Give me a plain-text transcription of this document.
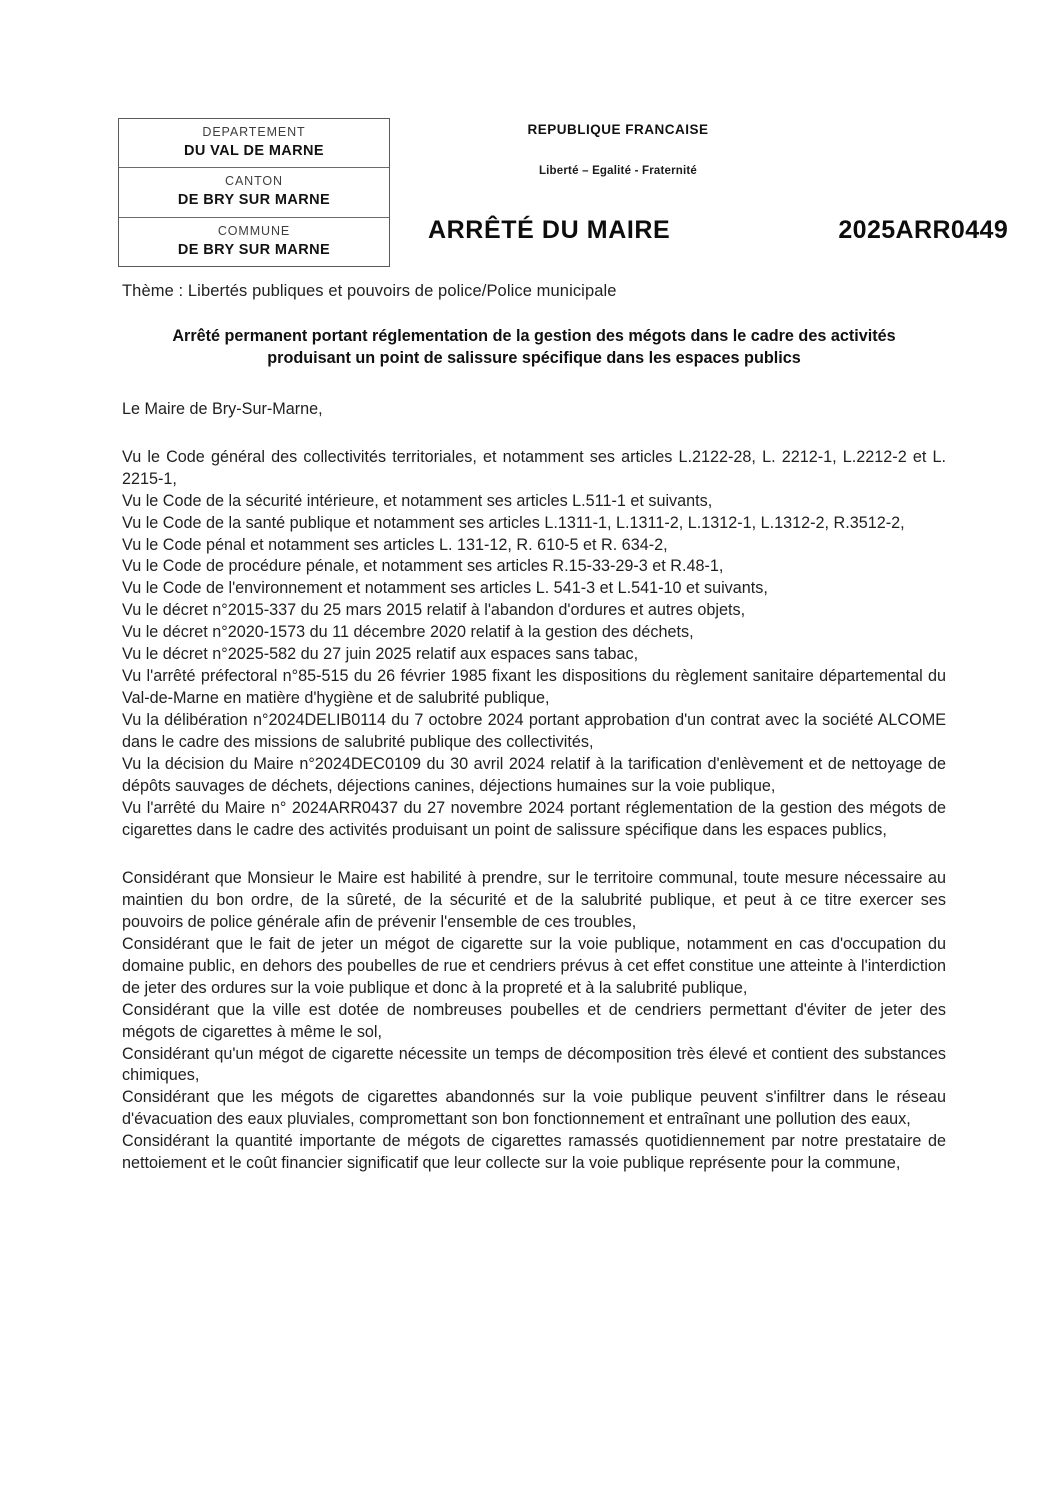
DEPARTEMENT
DU VAL DE MARNE
CANTON
DE BRY SUR MARNE
COMMUNE
DE BRY SUR MARNE
REPUBLIQUE FRANCAISE
Liberté – Egalité - Fraternité
ARRÊTÉ DU MAIRE	2025ARR0449
Thème : Libertés publiques et pouvoirs de police/Police municipale
Arrêté permanent portant réglementation de la gestion des mégots dans le cadre des activités produisant un point de salissure spécifique dans les espaces publics
Le Maire de Bry-Sur-Marne,

Vu le Code général des collectivités territoriales, et notamment ses articles L.2122-28, L. 2212-1, L.2212-2 et L. 2215-1,

Vu le Code de la sécurité intérieure, et notamment ses articles L.511-1 et suivants,

Vu le Code de la santé publique et notamment ses articles L.1311-1, L.1311-2, L.1312-1, L.1312-2, R.3512-2,

Vu le Code pénal et notamment ses articles L. 131-12, R. 610-5 et R. 634-2,

Vu le Code de procédure pénale, et notamment ses articles R.15-33-29-3 et R.48-1,

Vu le Code de l'environnement et notamment ses articles L. 541-3 et L.541-10 et suivants,

Vu le décret n°2015-337 du 25 mars 2015 relatif à l'abandon d'ordures et autres objets,

Vu le décret n°2020-1573 du 11 décembre 2020 relatif à la gestion des déchets,

Vu le décret n°2025-582 du 27 juin 2025 relatif aux espaces sans tabac,

Vu l'arrêté préfectoral n°85-515 du 26 février 1985 fixant les dispositions du règlement sanitaire départemental du Val-de-Marne en matière d'hygiène et de salubrité publique,

Vu la délibération n°2024DELIB0114 du 7 octobre 2024 portant approbation d'un contrat avec la société ALCOME dans le cadre des missions de salubrité publique des collectivités,

Vu la décision du Maire n°2024DEC0109 du 30 avril 2024 relatif à la tarification d'enlèvement et de nettoyage de dépôts sauvages de déchets, déjections canines, déjections humaines sur la voie publique,

Vu l'arrêté du Maire n° 2024ARR0437 du 27 novembre 2024 portant réglementation de la gestion des mégots de cigarettes dans le cadre des activités produisant un point de salissure spécifique dans les espaces publics,

Considérant que Monsieur le Maire est habilité à prendre, sur le territoire communal, toute mesure nécessaire au maintien du bon ordre, de la sûreté, de la sécurité et de la salubrité publique, et peut à ce titre exercer ses pouvoirs de police générale afin de prévenir l'ensemble de ces troubles,

Considérant que le fait de jeter un mégot de cigarette sur la voie publique, notamment en cas d'occupation du domaine public, en dehors des poubelles de rue et cendriers prévus à cet effet constitue une atteinte à l'interdiction de jeter des ordures sur la voie publique et donc à la propreté et à la salubrité publique,

Considérant que la ville est dotée de nombreuses poubelles et de cendriers permettant d'éviter de jeter des mégots de cigarettes à même le sol,

Considérant qu'un mégot de cigarette nécessite un temps de décomposition très élevé et contient des substances chimiques,

Considérant que les mégots de cigarettes abandonnés sur la voie publique peuvent s'infiltrer dans le réseau d'évacuation des eaux pluviales, compromettant son bon fonctionnement et entraînant une pollution des eaux,

Considérant la quantité importante de mégots de cigarettes ramassés quotidiennement par notre prestataire de nettoiement et le coût financier significatif que leur collecte sur la voie publique représente pour la commune,
